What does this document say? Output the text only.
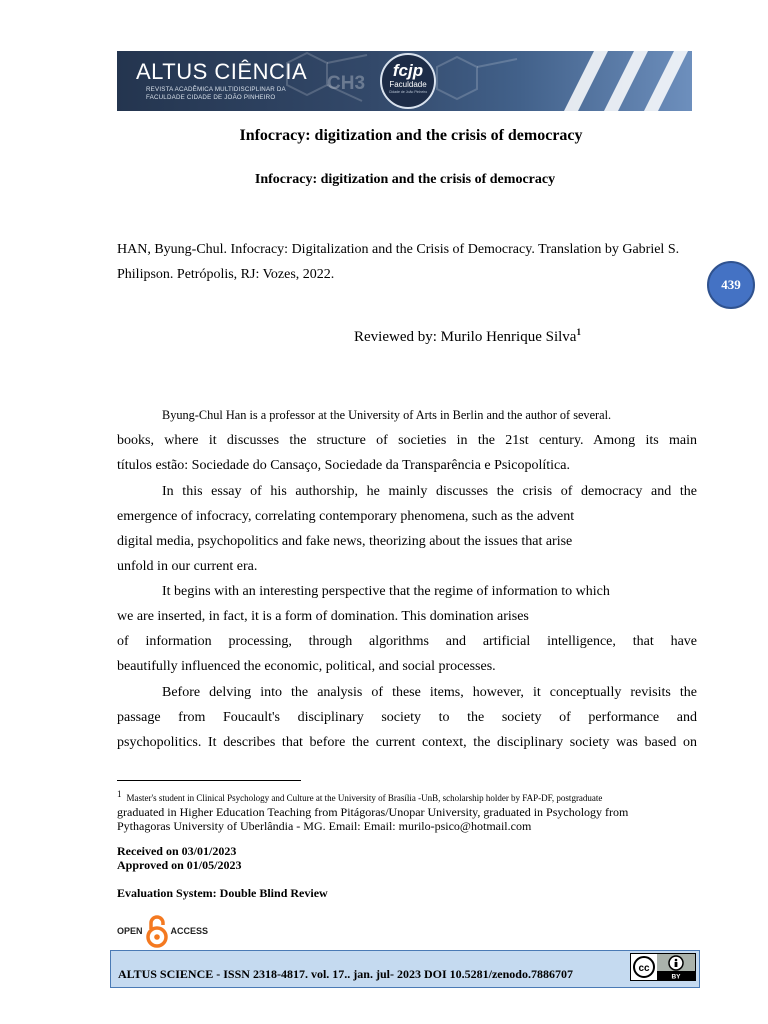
CH3
ALTUS CIÊNCIA
REVISTA ACADÊMICA MULTIDISCIPLINAR DA
FACULDADE CIDADE DE JOÃO PINHEIRO
fcjp
Faculdade
Cidade de João Pinheiro
Infocracy: digitization and the crisis of democracy
Infocracy: digitization and the crisis of democracy
HAN, Byung-Chul. Infocracy: Digitalization and the Crisis of Democracy. Translation by Gabriel S.
Philipson. Petrópolis, RJ: Vozes, 2022.
439
Reviewed by: Murilo Henrique Silva$^1$
Byung-Chul Han is a professor at the University of Arts in Berlin and the author of several.
books, where it discusses the structure of societies in the 21st century. Among its main
títulos estão: Sociedade do Cansaço, Sociedade da Transparência e Psicopolítica.
In this essay of his authorship, he mainly discusses the crisis of democracy and the
emergence of infocracy, correlating contemporary phenomena, such as the advent
digital media, psychopolitics and fake news, theorizing about the issues that arise
unfold in our current era.
It begins with an interesting perspective that the regime of information to which
we are inserted, in fact, it is a form of domination. This domination arises
of information processing, through algorithms and artificial intelligence, that have
beautifully influenced the economic, political, and social processes.
Before delving into the analysis of these items, however, it conceptually revisits the
passage from Foucault's disciplinary society to the society of performance and
psychopolitics. It describes that before the current context, the disciplinary society was based on
$^1$ Master's student in Clinical Psychology and Culture at the University of Brasília -UnB, scholarship holder by FAP-DF, postgraduate
graduated in Higher Education Teaching from Pitágoras/Unopar University, graduated in Psychology from
Pythagoras University of Uberlândia - MG. Email: Email: murilo-psico@hotmail.com
Received on 03/01/2023
Approved on 01/05/2023
Evaluation System: Double Blind Review
OPEN	ACCESS
ALTUS SCIENCE - ISSN 2318-4817. vol. 17.. jan. jul- 2023 DOI 10.5281/zenodo.7886707	cc
BY
